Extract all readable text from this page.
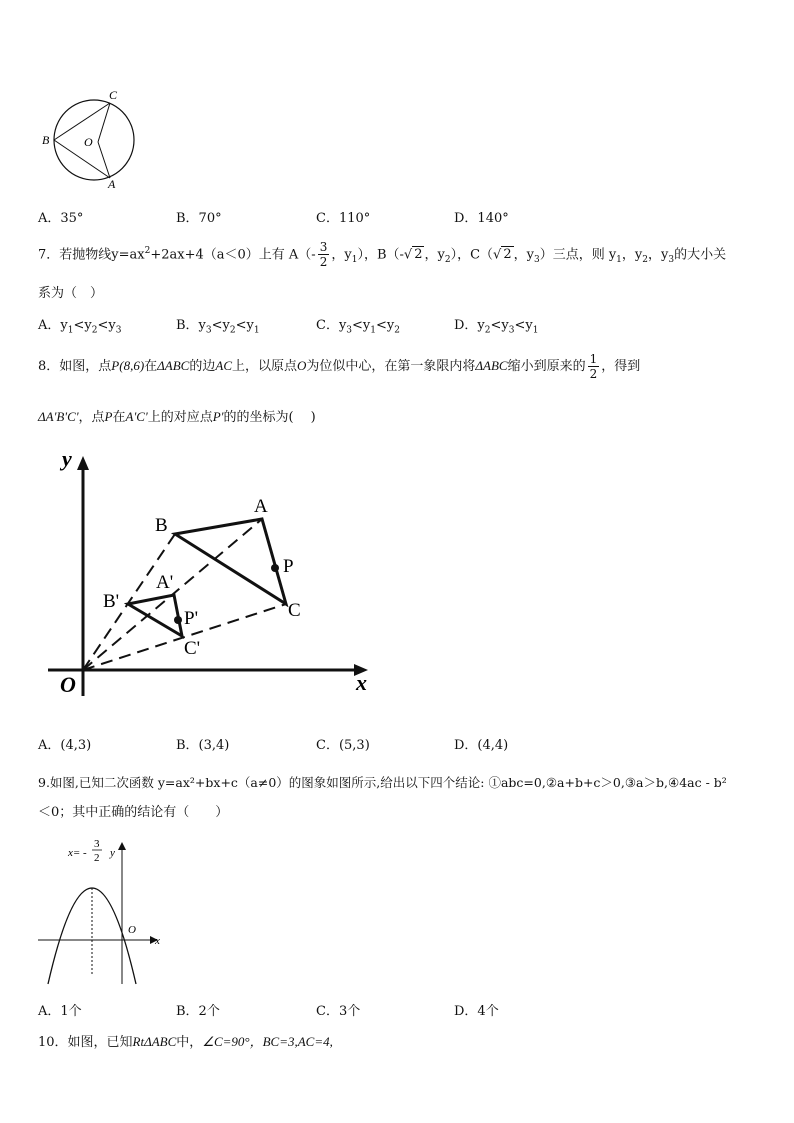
C
B	O
A
A．35°	B．70°	C．110°	D．140°
7．若抛物线$y=ax^2+2ax+4(a<0)$上有 $A(- \frac{3}{2}$ ，$y_1$），B（-√ 2 ，$y_2$），C（√ 2 ，$y_3$）三点，则 $y_1$，$y_2$，$y_3$的大小关
系为（　）
A．$y_1<y_2<y_3$	B．$y_3<y_2<y_1$	C．$y_3<y_1<y_2$	D．$y_2<y_3<y_1$
8．如图，点P(8,6)在ΔABC的边AC上，以原点O为位似中心，在第一象限内将ΔABC缩小到原来的 $\frac{1}{2}$ ，得到
ΔA'B'C'，点P在A'C'上的对应点P'的的坐标为(　 )
y
x
O
A
B
C
P
A'
B'
C'
P'
A．(4,3)	B．(3,4)	C．(5,3)	D．(4,4)
9.如图,已知二次函数 y=ax²+bx+c（a≠0）的图象如图所示,给出以下四个结论: ①abc=0,②a+b+c＞0,③a＞b,④4ac - b²
＜0；其中正确的结论有（　　）
x= -
3
2 y
x
O
A．1个	B．2个	C．3个	D．4个
10．如图，已知RtΔABC中，∠C=90°，BC=3,AC=4,
